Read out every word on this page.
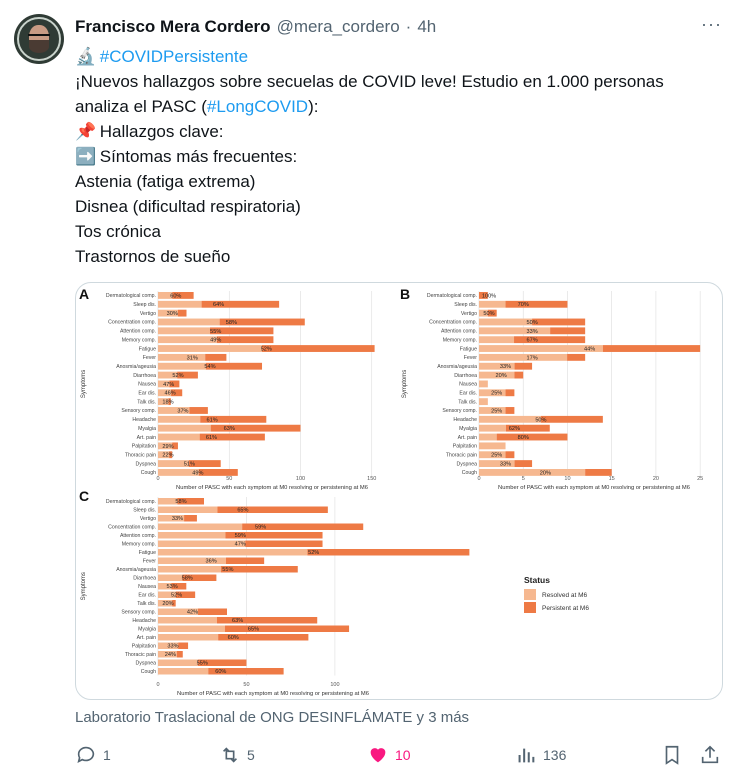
Francisco Mera Cordero @mera_cordero · 4h	···
🔬 #COVIDPersistente
¡Nuevos hallazgos sobre secuelas de COVID leve! Estudio en 1.000 personas
analiza el PASC (#LongCOVID):
📌 Hallazgos clave:
➡️ Síntomas más frecuentes:
Astenia (fatiga extrema)
Disnea (dificultad respiratoria)
Tos crónica
Trastornos de sueño
A
0	50	100	150
Dermatological comp.	60%
Sleep dis.	64%
Vertigo 30%
Concentration comp.	58%
Attention comp.	55%
Memory comp.	49%
Fatigue	52%
Fever	31%
Anosmia/ageusia	54%
Diarrhoea	52%
Nausea 47%
Ear dis. 46%
Talk dis. 18%
Sensory comp.	37%
Headache	61%
Myalgia	63%
Art. pain	61%
Palpitation 29%
Thoracic pain 22%
Dyspnea	51%
Cough	49%
Symptoms
Number of PASC with each symptom at M0 resolving or persistening at M6
B
0	5	10	15	20	25
Dermatological comp. 100%
Sleep dis.	70%
Vertigo 50%
Concentration comp.	50%
Attention comp.	33%
Memory comp.	67%
Fatigue	44%
Fever	17%
Anosmia/ageusia	33%
Diarrhoea	20%
Nausea
Ear dis.	25%
Talk dis.
Sensory comp.	25%
Headache	50%
Myalgia	62%
Art. pain	80%
Palpitation
Thoracic pain	25%
Dyspnea	33%
Cough	20%
Symptoms
Number of PASC with each symptom at M0 resolving or persistening at M6
C
0	50	100
Dermatological comp.	58%
Sleep dis.	65%
Vertigo	33%
Concentration comp.	59%
Attention comp.	59%
Memory comp.	47%
Fatigue	52%
Fever	36%
Anosmia/ageusia	55%
Diarrhoea	58%
Nausea 53%
Ear dis.	52%
Talk dis. 20%
Sensory comp.	42%
Headache	63%
Myalgia	65%
Art. pain	60%
Palpitation 33%
Thoracic pain 24%
Dyspnea	55%
Cough	60%
Symptoms
Number of PASC with each symptom at M0 resolving or persistening at M6
Status
Resolved at M6
Persistent at M6
Laboratorio Traslacional de ONG DESINFLÁMATE y 3 más
1	5	10	136
